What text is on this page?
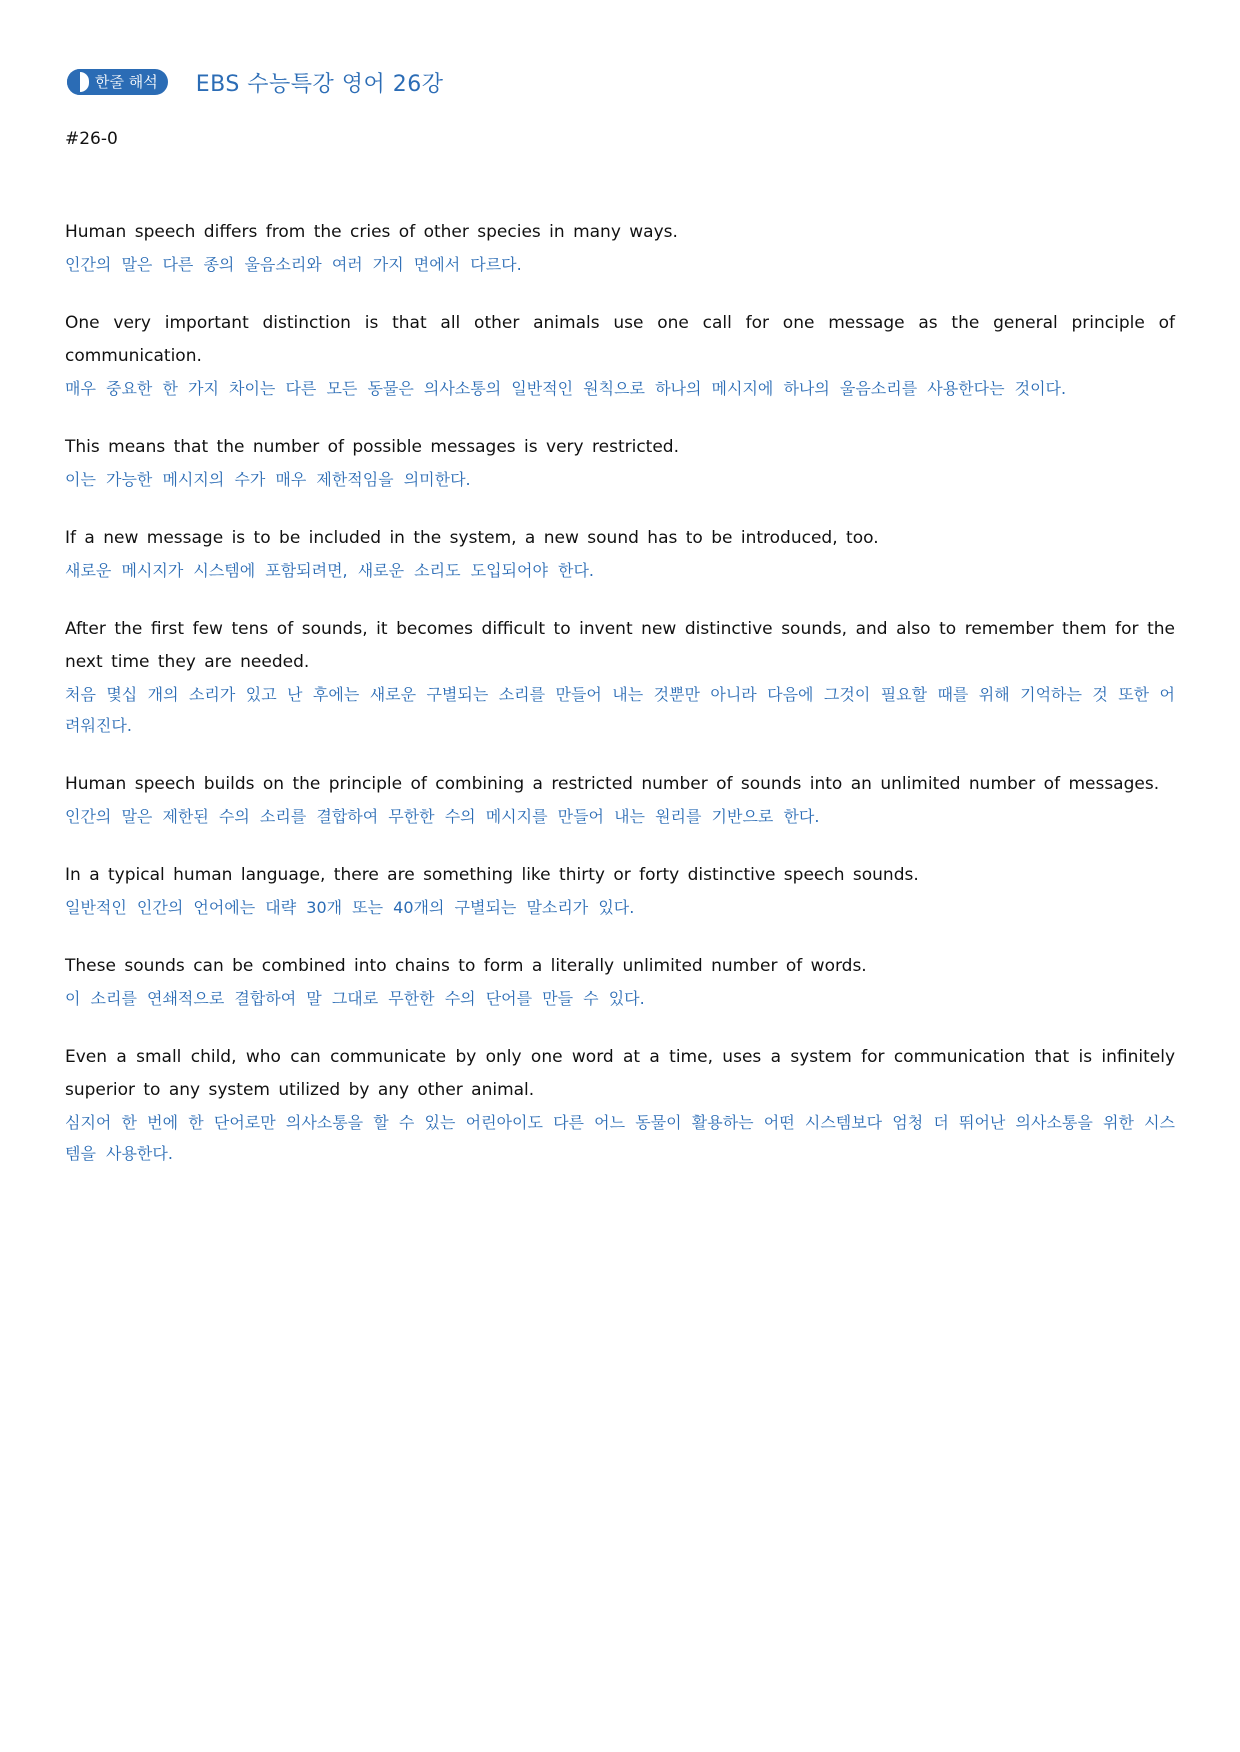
한줄 해석 EBS 수능특강 영어 26강
#26-0
Human speech differs from the cries of other species in many ways.
인간의 말은 다른 종의 울음소리와 여러 가지 면에서 다르다.
One very important distinction is that all other animals use one call for one message as the general principle of communication.
매우 중요한 한 가지 차이는 다른 모든 동물은 의사소통의 일반적인 원칙으로 하나의 메시지에 하나의 울음소리를 사용한다는 것이다.
This means that the number of possible messages is very restricted.
이는 가능한 메시지의 수가 매우 제한적임을 의미한다.
If a new message is to be included in the system, a new sound has to be introduced, too.
새로운 메시지가 시스템에 포함되려면, 새로운 소리도 도입되어야 한다.
After the first few tens of sounds, it becomes difficult to invent new distinctive sounds, and also to remember them for the next time they are needed.
처음 몇십 개의 소리가 있고 난 후에는 새로운 구별되는 소리를 만들어 내는 것뿐만 아니라 다음에 그것이 필요할 때를 위해 기억하는 것 또한 어려워진다.
Human speech builds on the principle of combining a restricted number of sounds into an unlimited number of messages.
인간의 말은 제한된 수의 소리를 결합하여 무한한 수의 메시지를 만들어 내는 원리를 기반으로 한다.
In a typical human language, there are something like thirty or forty distinctive speech sounds.
일반적인 인간의 언어에는 대략 30개 또는 40개의 구별되는 말소리가 있다.
These sounds can be combined into chains to form a literally unlimited number of words.
이 소리를 연쇄적으로 결합하여 말 그대로 무한한 수의 단어를 만들 수 있다.
Even a small child, who can communicate by only one word at a time, uses a system for communication that is infinitely superior to any system utilized by any other animal.
심지어 한 번에 한 단어로만 의사소통을 할 수 있는 어린아이도 다른 어느 동물이 활용하는 어떤 시스템보다 엄청 더 뛰어난 의사소통을 위한 시스템을 사용한다.
